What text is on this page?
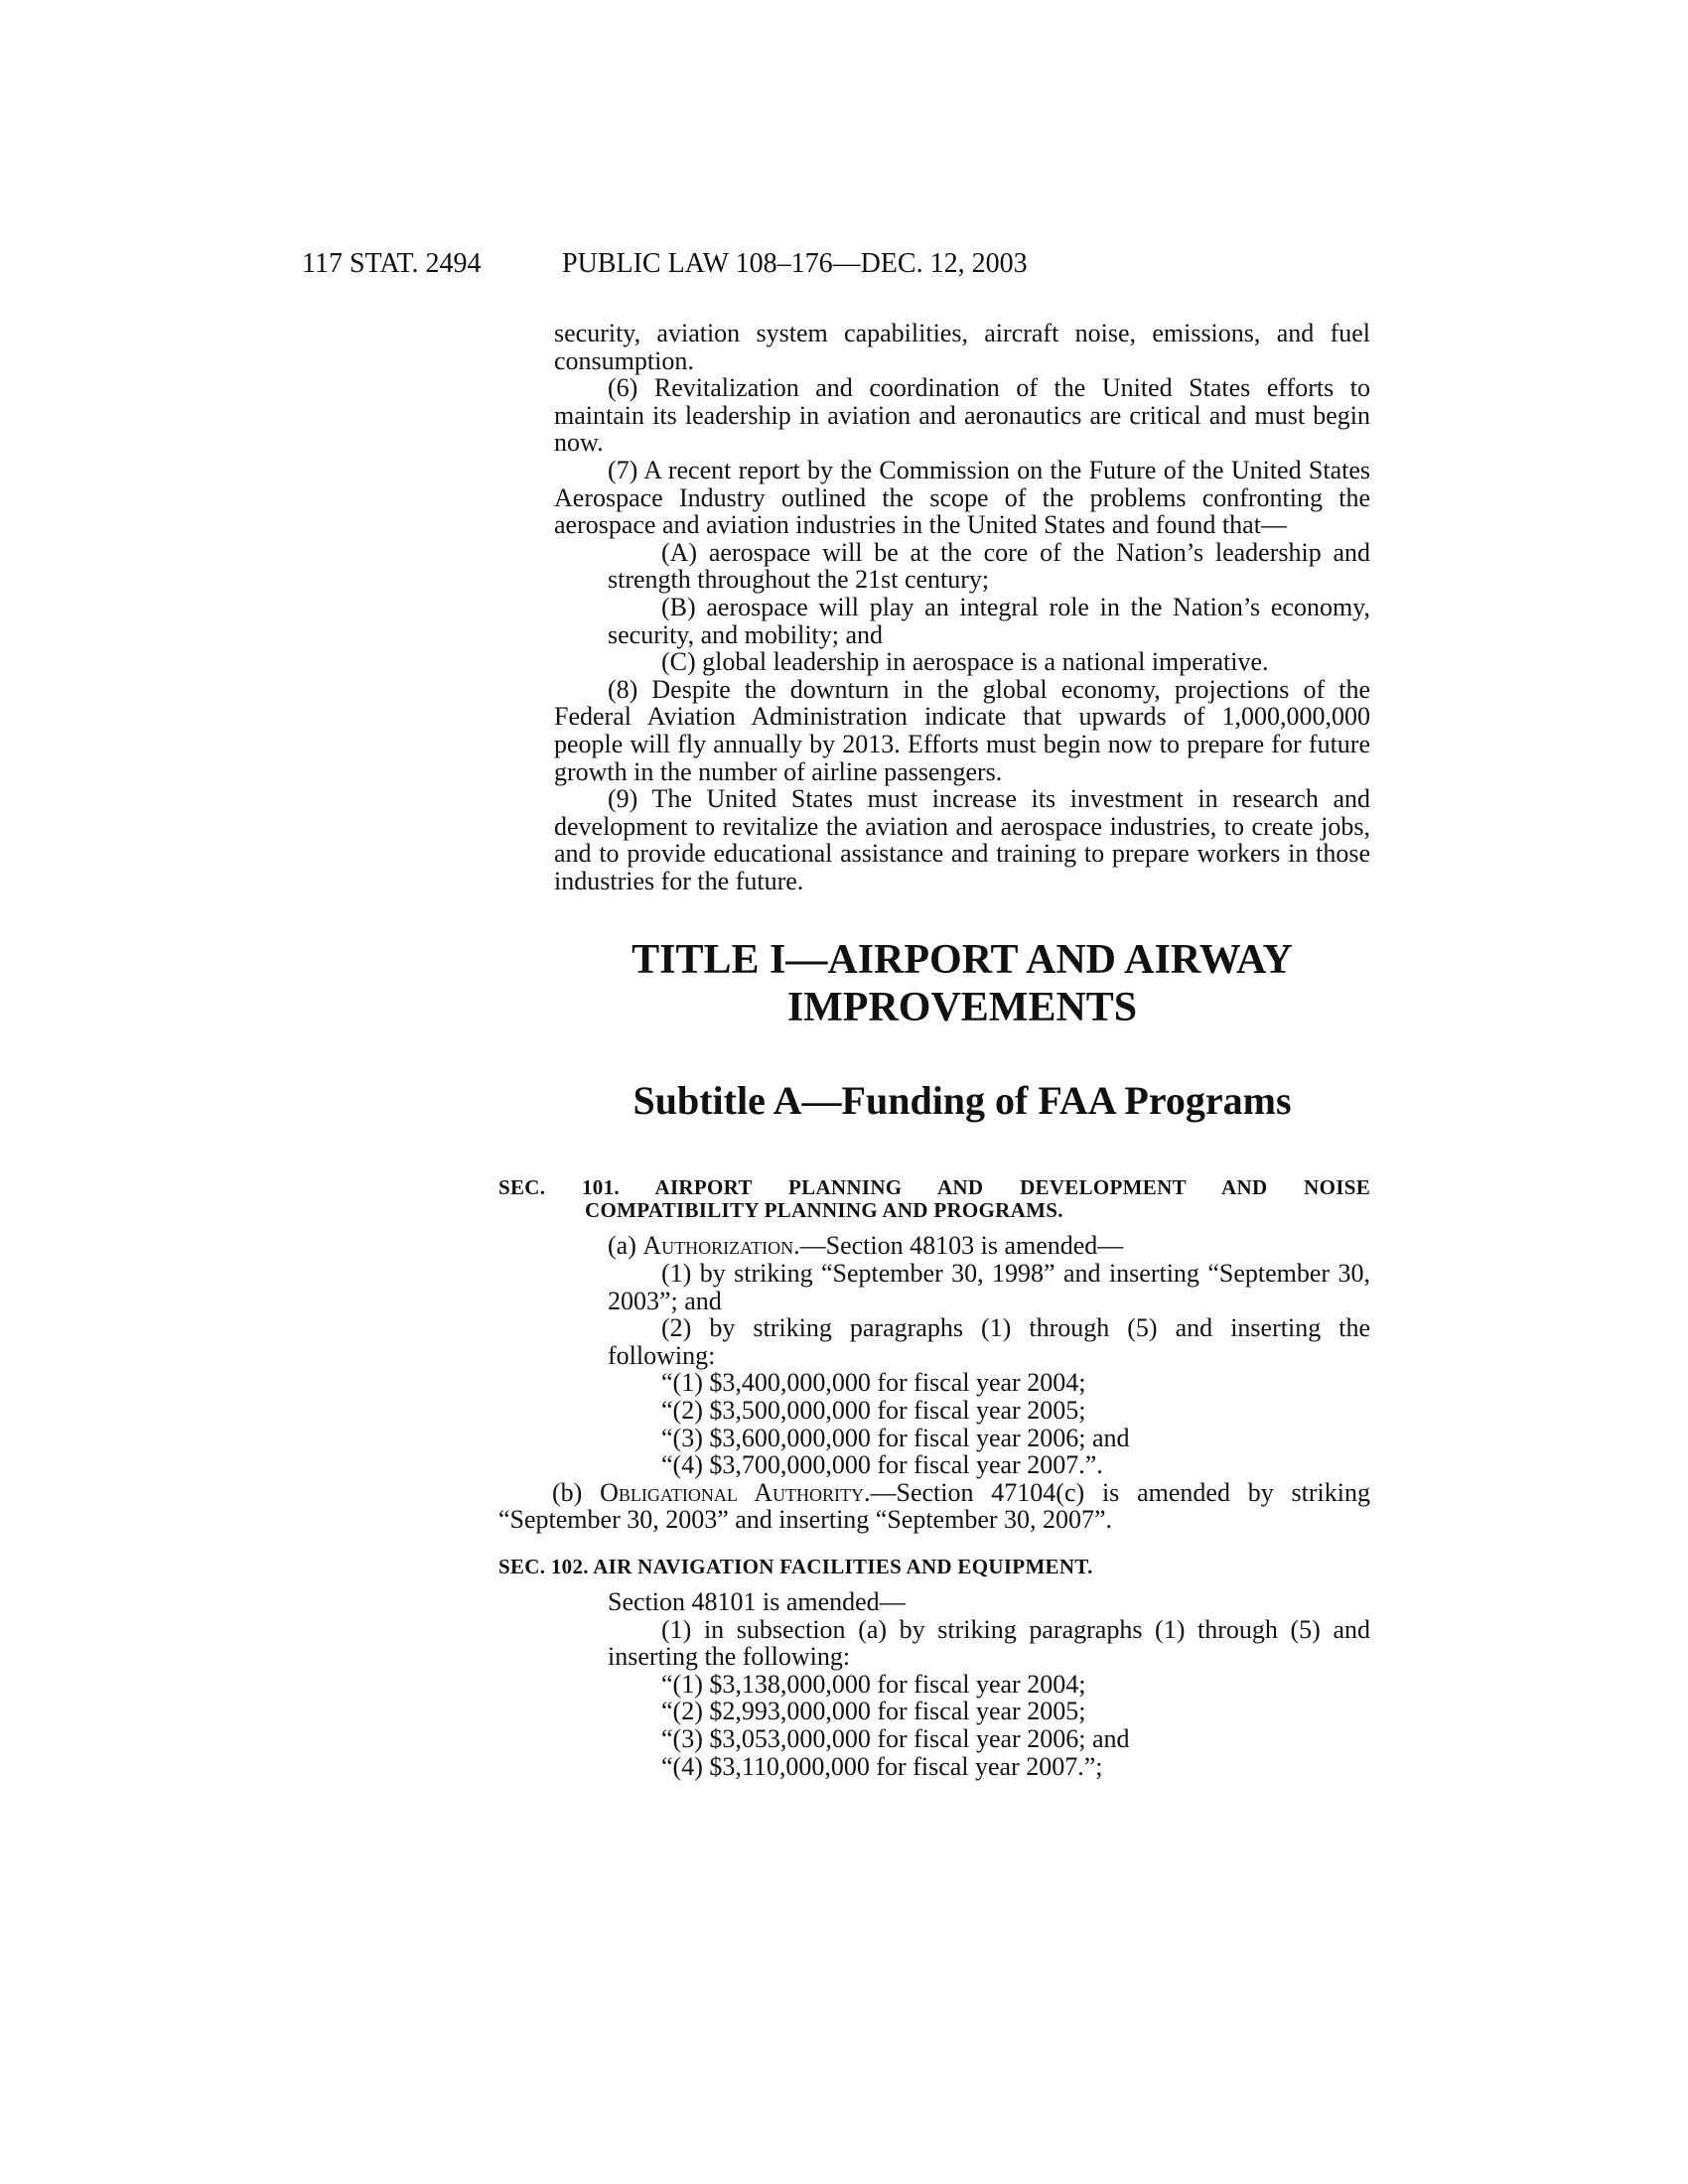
117 STAT. 2494	PUBLIC LAW 108–176—DEC. 12, 2003

security, aviation system capabilities, aircraft noise, emissions, and fuel consumption.

(6) Revitalization and coordination of the United States efforts to maintain its leadership in aviation and aeronautics are critical and must begin now.

(7) A recent report by the Commission on the Future of the United States Aerospace Industry outlined the scope of the problems confronting the aerospace and aviation industries in the United States and found that—

(A) aerospace will be at the core of the Nation’s leadership and strength throughout the 21st century;

(B) aerospace will play an integral role in the Nation’s economy, security, and mobility; and

(C) global leadership in aerospace is a national imperative.

(8) Despite the downturn in the global economy, projections of the Federal Aviation Administration indicate that upwards of 1,000,000,000 people will fly annually by 2013. Efforts must begin now to prepare for future growth in the number of airline passengers.

(9) The United States must increase its investment in research and development to revitalize the aviation and aerospace industries, to create jobs, and to provide educational assistance and training to prepare workers in those industries for the future.

TITLE I—AIRPORT AND AIRWAY
IMPROVEMENTS
Subtitle A—Funding of FAA Programs
SEC. 101. AIRPORT PLANNING AND DEVELOPMENT AND NOISE
COMPATIBILITY PLANNING AND PROGRAMS.

(a) Authorization.—Section 48103 is amended—

(1) by striking “September 30, 1998” and inserting “September 30, 2003”; and

(2) by striking paragraphs (1) through (5) and inserting the following:

“(1) $3,400,000,000 for fiscal year 2004;

“(2) $3,500,000,000 for fiscal year 2005;

“(3) $3,600,000,000 for fiscal year 2006; and

“(4) $3,700,000,000 for fiscal year 2007.”.

(b) Obligational Authority.—Section 47104(c) is amended by striking “September 30, 2003” and inserting “September 30, 2007”.

SEC. 102. AIR NAVIGATION FACILITIES AND EQUIPMENT.

Section 48101 is amended—

(1) in subsection (a) by striking paragraphs (1) through (5) and inserting the following:

“(1) $3,138,000,000 for fiscal year 2004;

“(2) $2,993,000,000 for fiscal year 2005;

“(3) $3,053,000,000 for fiscal year 2006; and

“(4) $3,110,000,000 for fiscal year 2007.”;
